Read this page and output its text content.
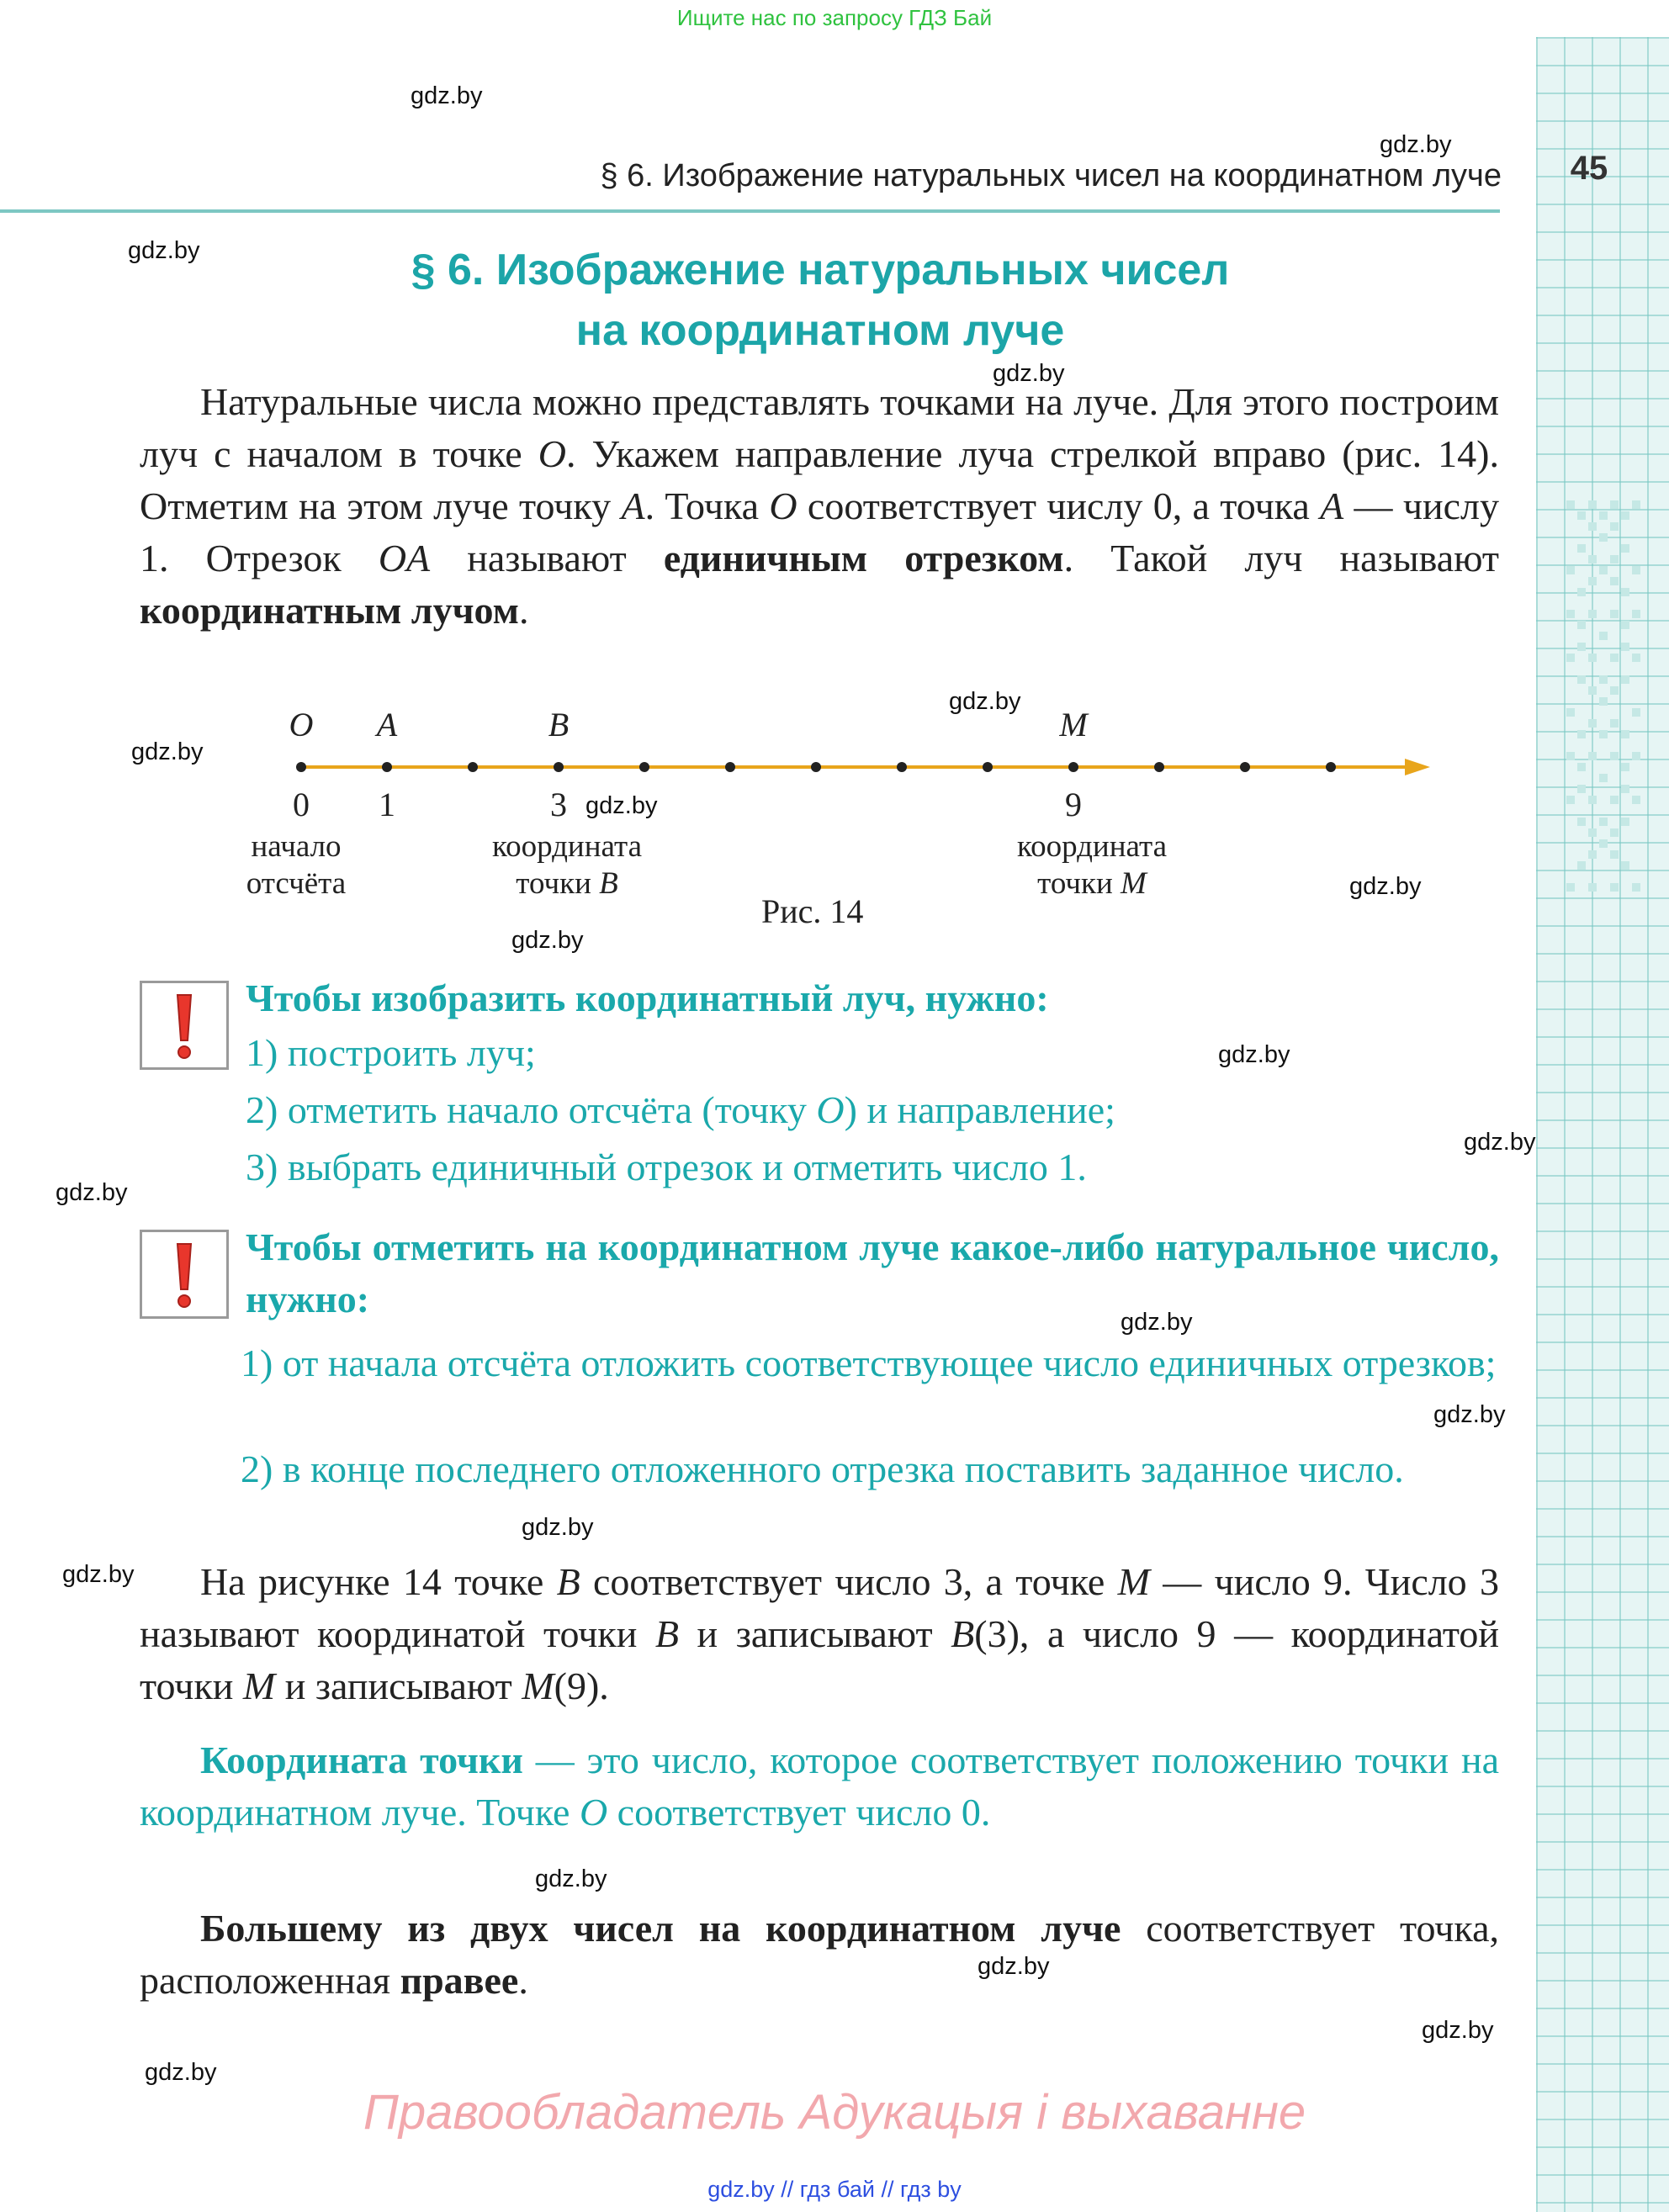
Ищите нас по запросу ГДЗ Бай
45
§ 6. Изображение натуральных чисел на координатном луче
§ 6. Изображение натуральных чисел
на координатном луче
Натуральные числа можно представлять точками на луче. Для этого построим луч с началом в точке O. Укажем направление луча стрелкой вправо (рис. 14). Отметим на этом луче точку A. Точка O соответствует числу 0, а точка A — числу 1. Отрезок OA называют единичным отрезком. Такой луч называют координатным лучом.
O A	B	M
0 1	3	9
начало
отсчёта
координата
точки B
координата
точки M
Рис. 14
Чтобы изобразить координатный луч, нужно:
1) построить луч;
2) отметить начало отсчёта (точку O) и направление;
3) выбрать единичный отрезок и отметить число 1.
Чтобы отметить на координатном луче какое-либо натуральное число, нужно:
1) от начала отсчёта отложить соответствующее число единичных отрезков;
2) в конце последнего отложенного отрезка поставить заданное число.
На рисунке 14 точке B соответствует число 3, а точке M — число 9. Число 3 называют координатой точки B и записывают B(3), а число 9 — координатой точки M и записывают M(9).
Координата точки — это число, которое соответствует положению точки на координатном луче. Точке O соответствует число 0.
Большему из двух чисел на координатном луче соответствует точка, расположенная правее.
Правообладатель Адукацыя і выхаванне
gdz.by // гдз бай // гдз by
gdz.by
gdz.by
gdz.by
gdz.by
gdz.by
gdz.by
gdz.by
gdz.by
gdz.by
gdz.by
gdz.by
gdz.by
gdz.by
gdz.by
gdz.by
gdz.by
gdz.by
gdz.by
gdz.by
gdz.by
